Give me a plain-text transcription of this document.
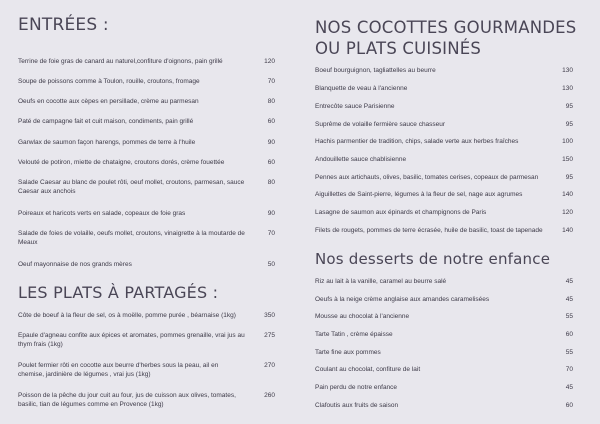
ENTRÉES :
Terrine de foie gras de canard au naturel,confiture d'oignons, pain grillé	120
Soupe de poissons comme à Toulon, rouille, croutons, fromage	70
Oeufs en cocotte aux cèpes en persillade, crème au parmesan	80
Paté de campagne fait et cuit maison, condiments, pain grillé	60
Garwlax de saumon façon harengs, pommes de terre à l'huile	90
Velouté de potiron, miette de chataigne, croutons dorés, crème fouettée	60
Salade Caesar au blanc de poulet rôti, oeuf mollet, croutons, parmesan, sauce Caesar aux anchois
80
Poireaux et haricots verts en salade, copeaux de foie gras	90
Salade de foies de volaille, oeufs mollet, croutons, vinaigrette à la moutarde de Meaux
70
Oeuf mayonnaise de nos grands mères	50
LES PLATS À PARTAGÉS :
Côte de boeuf à la fleur de sel, os à moëlle, pomme purée , béarnaise (1kg)	350
Epaule d'agneau confite aux épices et aromates, pommes grenaille, vrai jus au thym frais (1kg)
275
Poulet fermier rôti en cocotte aux beurre d'herbes sous la peau, ail en chemise, jardinière de légumes , vrai jus (1kg)
270
Poisson de la pêche du jour cuit au four, jus de cuisson aux olives, tomates, basilic, tian de légumes comme en Provence (1kg)
260
NOS COCOTTES GOURMANDES
OU PLATS CUISINÉS
Boeuf bourguignon, tagliattelles au beurre	130
Blanquette de veau à l'ancienne	130
Entrecôte sauce Parisienne	95
Suprême de volaille fermière sauce chasseur	95
Hachis parmentier de tradition, chips, salade verte aux herbes fraîches	100
Andouillette sauce chablisienne	150
Pennes aux artichauts, olives, basilic, tomates cerises, copeaux de parmesan	95
Aiguillettes de Saint-pierre, légumes à la fleur de sel, nage aux agrumes	140
Lasagne de saumon aux épinards et champignons de Paris	120
Filets de rougets, pommes de terre écrasée, huile de basilic, toast de tapenade	140
Nos desserts de notre enfance
Riz au lait à la vanille, caramel au beurre salé	45
Oeufs à la neige crème anglaise aux amandes caramelisées	45
Mousse au chocolat à l'ancienne	55
Tarte Tatin , crème épaisse	60
Tarte fine aux pommes	55
Coulant au chocolat, confiture de lait	70
Pain perdu de notre enfance	45
Clafoutis aux fruits de saison	60
